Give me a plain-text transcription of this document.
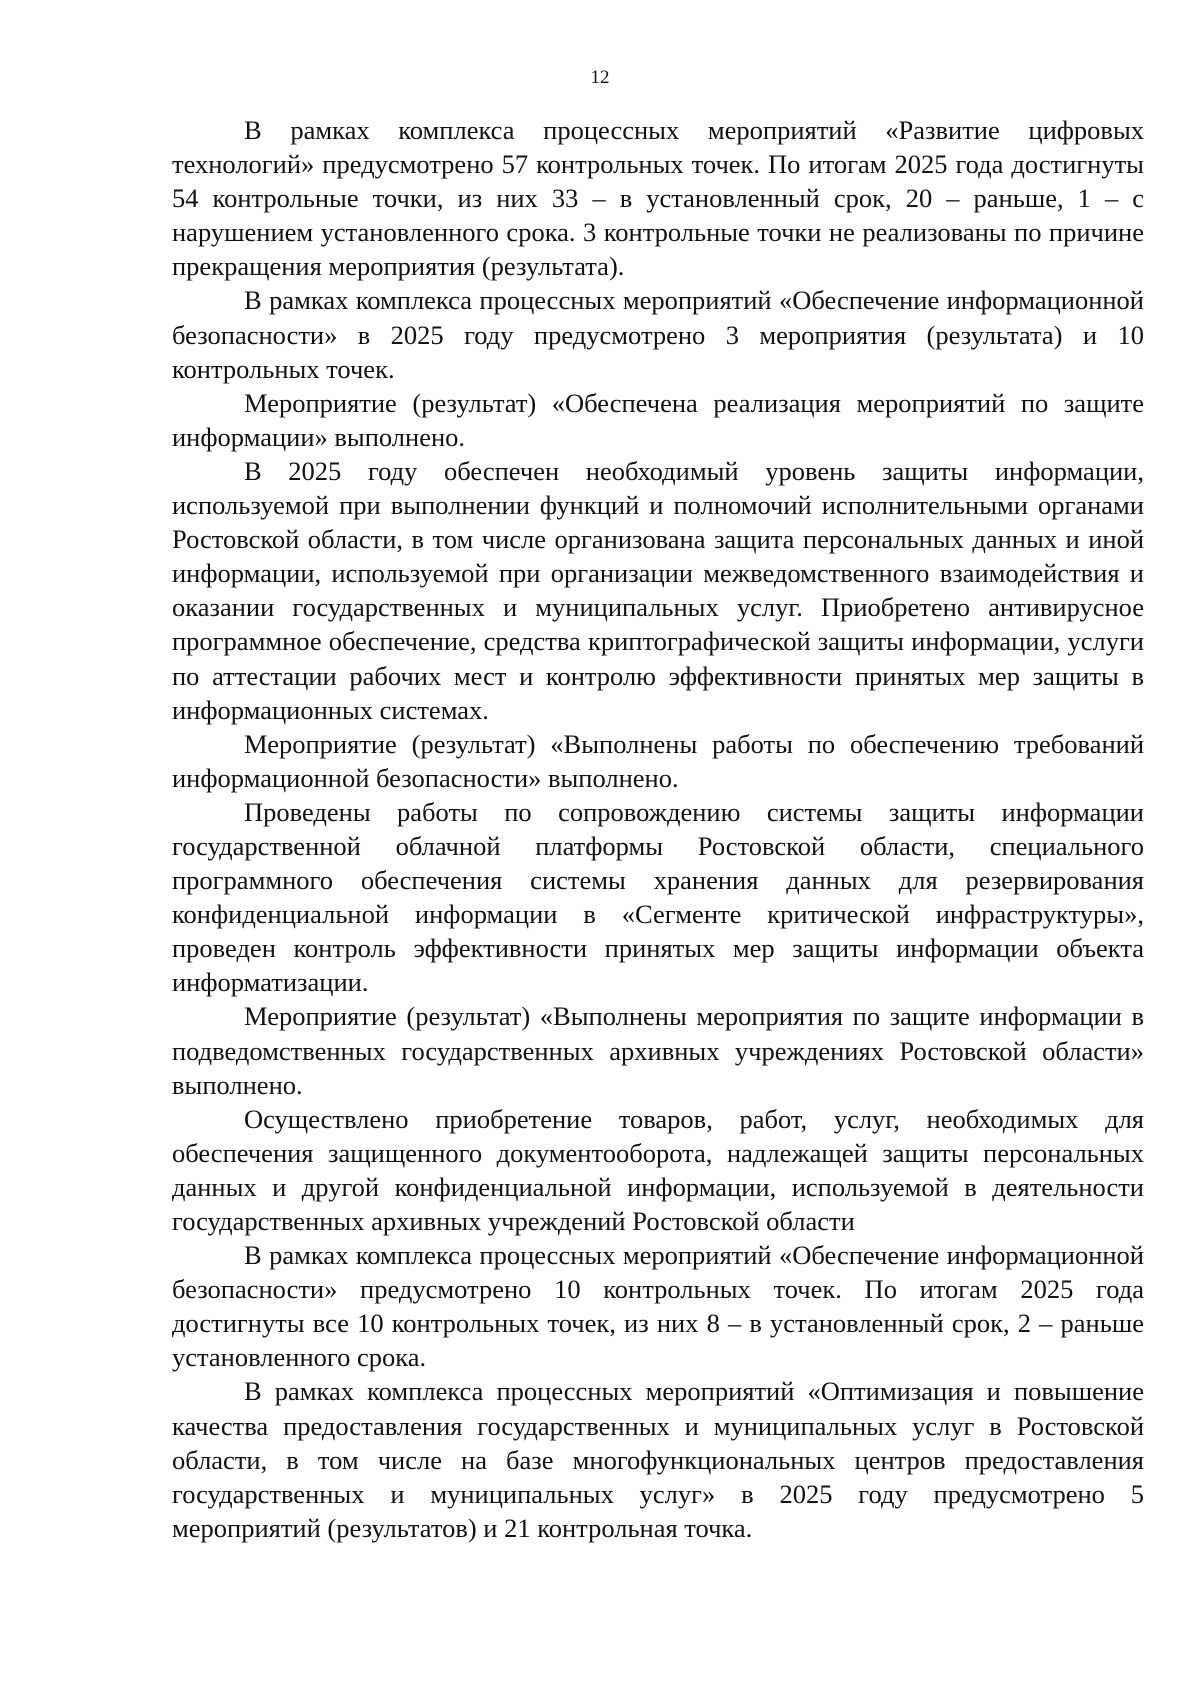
12

В рамках комплекса процессных мероприятий «Развитие цифровых технологий» предусмотрено 57 контрольных точек. По итогам 2025 года достигнуты 54 контрольные точки, из них 33 – в установленный срок, 20 – раньше, 1 – с нарушением установленного срока. 3 контрольные точки не реализованы по причине прекращения мероприятия (результата).

В рамках комплекса процессных мероприятий «Обеспечение информационной безопасности» в 2025 году предусмотрено 3 мероприятия (результата) и 10 контрольных точек.

Мероприятие (результат) «Обеспечена реализация мероприятий по защите информации» выполнено.

В 2025 году обеспечен необходимый уровень защиты информации, используемой при выполнении функций и полномочий исполнительными органами Ростовской области, в том числе организована защита персональных данных и иной информации, используемой при организации межведомственного взаимодействия и оказании государственных и муниципальных услуг. Приобретено антивирусное программное обеспечение, средства криптографической защиты информации, услуги по аттестации рабочих мест и контролю эффективности принятых мер защиты в информационных системах.

Мероприятие (результат) «Выполнены работы по обеспечению требований информационной безопасности» выполнено.

Проведены работы по сопровождению системы защиты информации государственной облачной платформы Ростовской области, специального программного обеспечения системы хранения данных для резервирования конфиденциальной информации в «Сегменте критической инфраструктуры», проведен контроль эффективности принятых мер защиты информации объекта информатизации.

Мероприятие (результат) «Выполнены мероприятия по защите информации в подведомственных государственных архивных учреждениях Ростовской области» выполнено.

Осуществлено приобретение товаров, работ, услуг, необходимых для обеспечения защищенного документооборота, надлежащей защиты персональных данных и другой конфиденциальной информации, используемой в деятельности государственных архивных учреждений Ростовской области

В рамках комплекса процессных мероприятий «Обеспечение информационной безопасности» предусмотрено 10 контрольных точек. По итогам 2025 года достигнуты все 10 контрольных точек, из них 8 – в установленный срок, 2 – раньше установленного срока.

В рамках комплекса процессных мероприятий «Оптимизация и повышение качества предоставления государственных и муниципальных услуг в Ростовской области, в том числе на базе многофункциональных центров предоставления государственных и муниципальных услуг» в 2025 году предусмотрено 5 мероприятий (результатов) и 21 контрольная точка.
